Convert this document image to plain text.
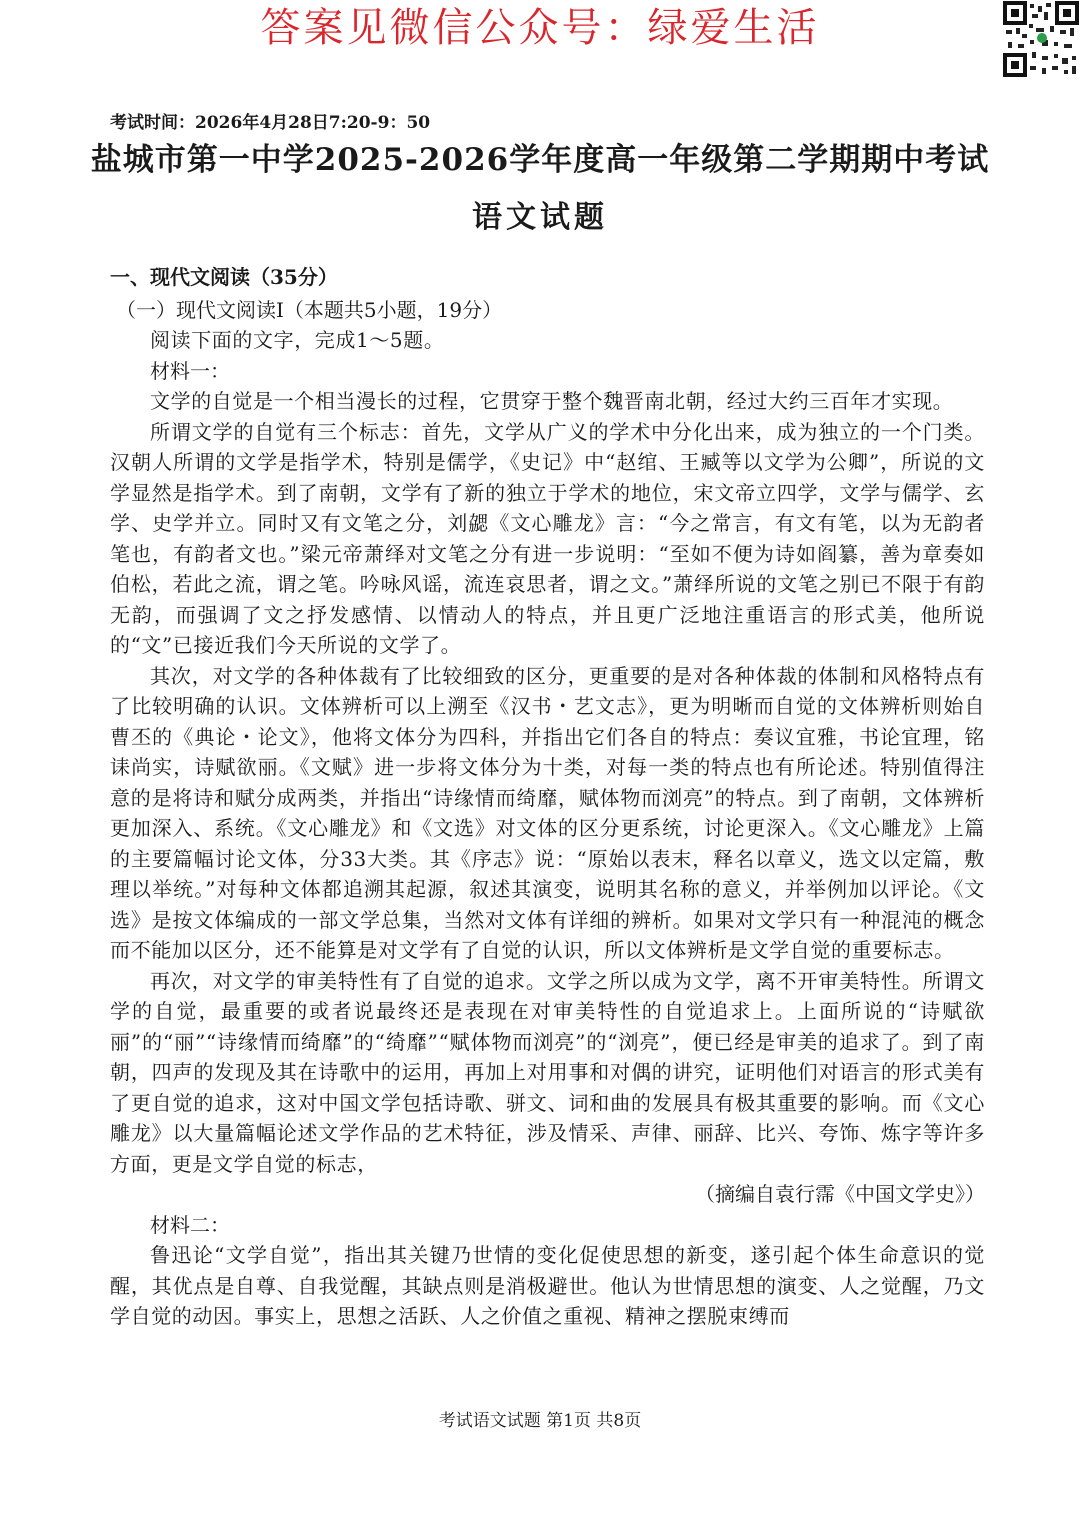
答案见微信公众号：绿爱生活
考试时间：2026年4月28日7:20-9：50
盐城市第一中学2025-2026学年度高一年级第二学期期中考试
语文试题
一、现代文阅读（35分）
（一）现代文阅读Ⅰ（本题共5小题，19分）

阅读下面的文字，完成1～5题。

材料一：

文学的自觉是一个相当漫长的过程，它贯穿于整个魏晋南北朝，经过大约三百年才实现。

所谓文学的自觉有三个标志：首先，文学从广义的学术中分化出来，成为独立的一个门类。汉朝人所谓的文学是指学术，特别是儒学，《史记》中“赵绾、王臧等以文学为公卿”，所说的文学显然是指学术。到了南朝，文学有了新的独立于学术的地位，宋文帝立四学，文学与儒学、玄学、史学并立。同时又有文笔之分，刘勰《文心雕龙》言：“今之常言，有文有笔，以为无韵者笔也，有韵者文也。”梁元帝萧绎对文笔之分有进一步说明：“至如不便为诗如阎纂，善为章奏如伯松，若此之流，谓之笔。吟咏风谣，流连哀思者，谓之文。”萧绎所说的文笔之别已不限于有韵无韵，而强调了文之抒发感情、以情动人的特点，并且更广泛地注重语言的形式美，他所说的“文”已接近我们今天所说的文学了。

其次，对文学的各种体裁有了比较细致的区分，更重要的是对各种体裁的体制和风格特点有了比较明确的认识。文体辨析可以上溯至《汉书・艺文志》，更为明晰而自觉的文体辨析则始自曹丕的《典论・论文》，他将文体分为四科，并指出它们各自的特点：奏议宜雅，书论宜理，铭诔尚实，诗赋欲丽。《文赋》进一步将文体分为十类，对每一类的特点也有所论述。特别值得注意的是将诗和赋分成两类，并指出“诗缘情而绮靡，赋体物而浏亮”的特点。到了南朝，文体辨析更加深入、系统。《文心雕龙》和《文选》对文体的区分更系统，讨论更深入。《文心雕龙》上篇的主要篇幅讨论文体，分33大类。其《序志》说：“原始以表末，释名以章义，选文以定篇，敷理以举统。”对每种文体都追溯其起源，叙述其演变，说明其名称的意义，并举例加以评论。《文选》是按文体编成的一部文学总集，当然对文体有详细的辨析。如果对文学只有一种混沌的概念而不能加以区分，还不能算是对文学有了自觉的认识，所以文体辨析是文学自觉的重要标志。

再次，对文学的审美特性有了自觉的追求。文学之所以成为文学，离不开审美特性。所谓文学的自觉，最重要的或者说最终还是表现在对审美特性的自觉追求上。上面所说的“诗赋欲丽”的“丽”“诗缘情而绮靡”的“绮靡”“赋体物而浏亮”的“浏亮”，便已经是审美的追求了。到了南朝，四声的发现及其在诗歌中的运用，再加上对用事和对偶的讲究，证明他们对语言的形式美有了更自觉的追求，这对中国文学包括诗歌、骈文、词和曲的发展具有极其重要的影响。而《文心雕龙》以大量篇幅论述文学作品的艺术特征，涉及情采、声律、丽辞、比兴、夸饰、炼字等许多方面，更是文学自觉的标志，

（摘编自袁行霈《中国文学史》）

材料二：

鲁迅论“文学自觉”，指出其关键乃世情的变化促使思想的新变，遂引起个体生命意识的觉醒，其优点是自尊、自我觉醒，其缺点则是消极避世。他认为世情思想的演变、人之觉醒，乃文学自觉的动因。事实上，思想之活跃、人之价值之重视、精神之摆脱束缚而

考试语文试题 第1页 共8页
